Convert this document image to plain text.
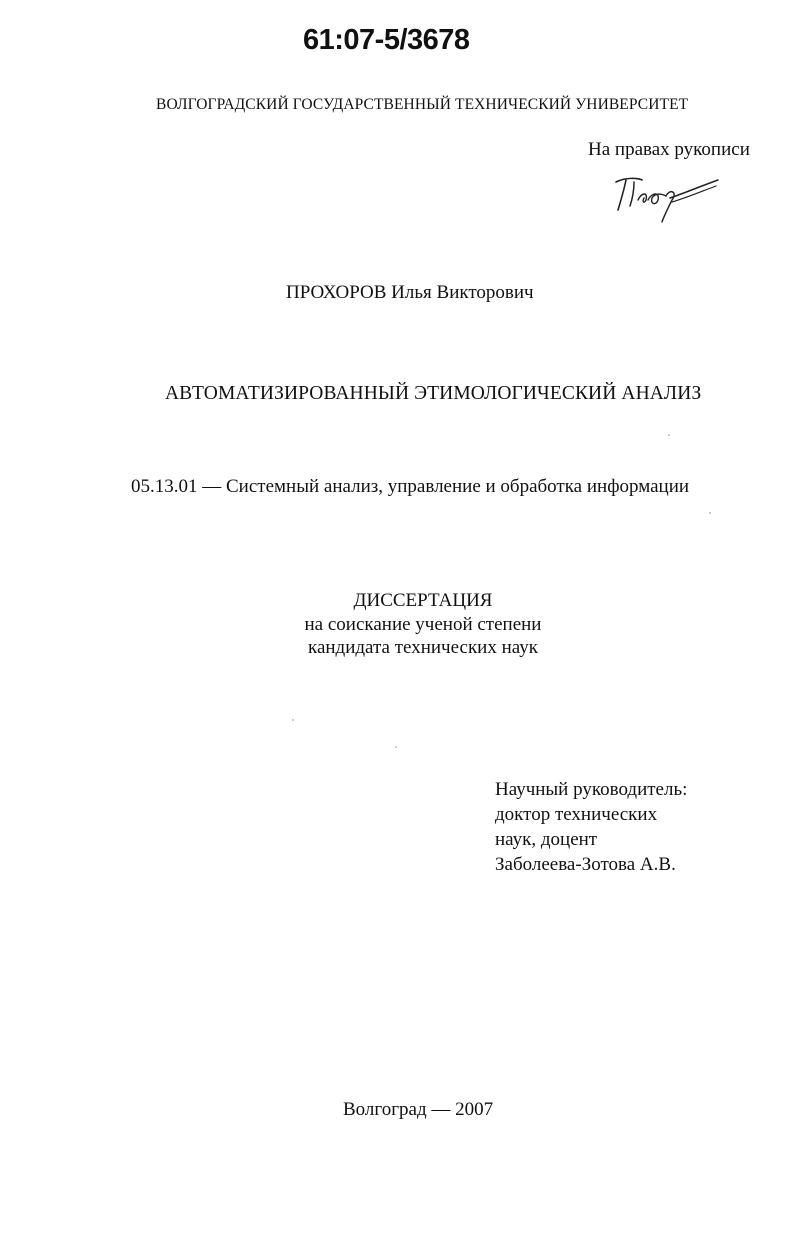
61:07-5/3678
ВОЛГОГРАДСКИЙ ГОСУДАРСТВЕННЫЙ ТЕХНИЧЕСКИЙ УНИВЕРСИТЕТ
На правах рукописи
ПРОХОРОВ Илья Викторович
АВТОМАТИЗИРОВАННЫЙ ЭТИМОЛОГИЧЕСКИЙ АНАЛИЗ
05.13.01 — Системный анализ, управление и обработка информации
ДИССЕРТАЦИЯ
на соискание ученой степени
кандидата технических наук
Научный руководитель:
доктор технических
наук, доцент
Заболеева-Зотова А.В.
Волгоград — 2007
